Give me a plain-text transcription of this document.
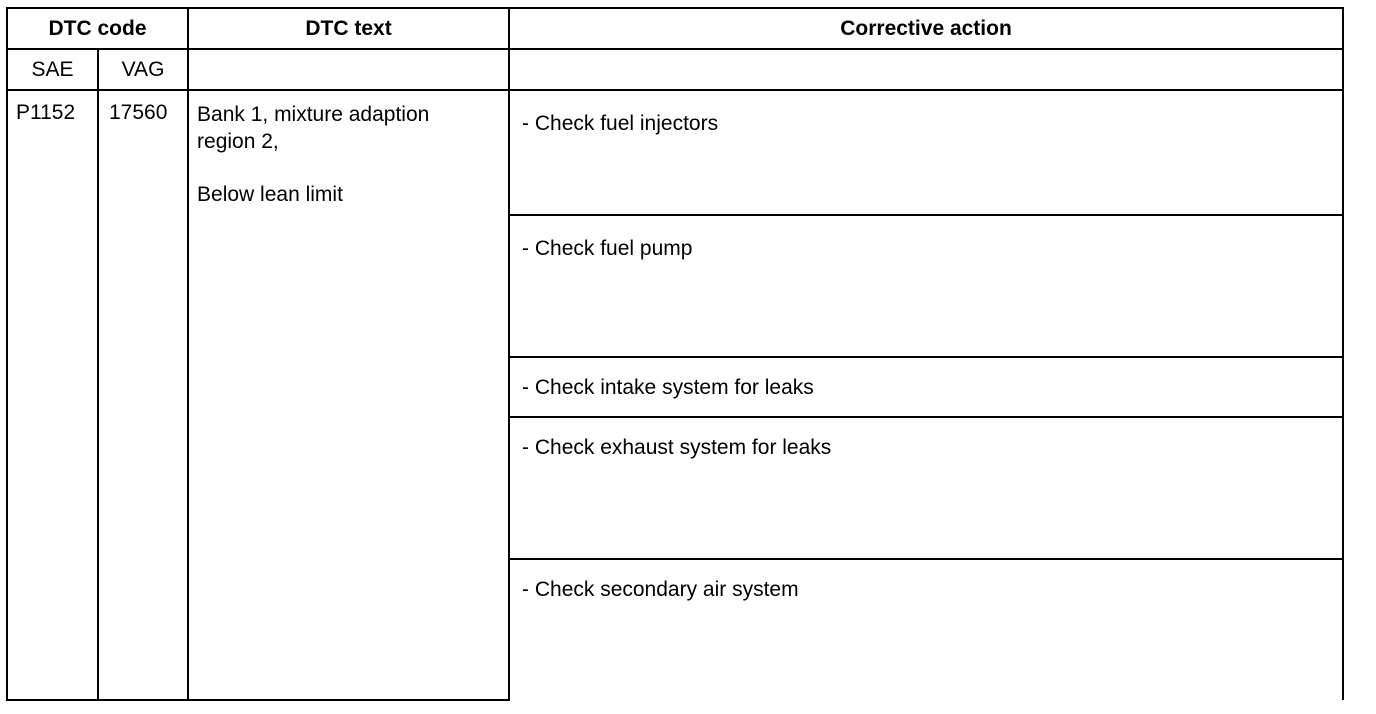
DTC code		DTC text	Corrective action
SAE	VAG		
P1152	17560	Bank 1, mixture adaption
region 2,
Below lean limit	- Check fuel injectors
			- Check fuel pump
			- Check intake system for leaks
			- Check exhaust system for leaks
			- Check secondary air system
